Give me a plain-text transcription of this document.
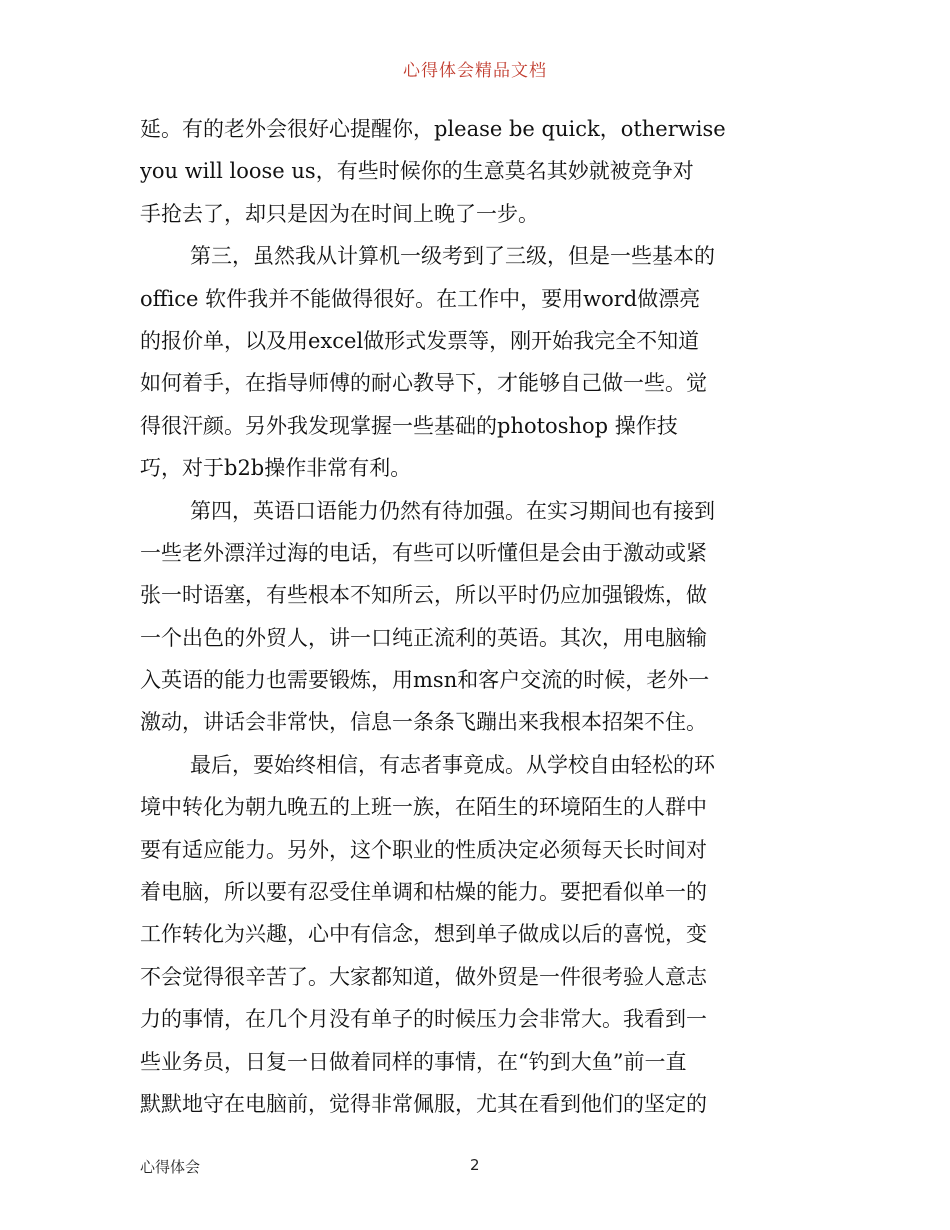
心得体会精品文档
延。有的老外会很好心提醒你，please be quick，otherwise
you will loose us，有些时候你的生意莫名其妙就被竞争对
手抢去了，却只是因为在时间上晚了一步。
第三，虽然我从计算机一级考到了三级，但是一些基本的
office 软件我并不能做得很好。在工作中，要用word做漂亮
的报价单，以及用excel做形式发票等，刚开始我完全不知道
如何着手，在指导师傅的耐心教导下，才能够自己做一些。觉
得很汗颜。另外我发现掌握一些基础的photoshop 操作技
巧，对于b2b操作非常有利。
第四，英语口语能力仍然有待加强。在实习期间也有接到
一些老外漂洋过海的电话，有些可以听懂但是会由于激动或紧
张一时语塞，有些根本不知所云，所以平时仍应加强锻炼，做
一个出色的外贸人，讲一口纯正流利的英语。其次，用电脑输
入英语的能力也需要锻炼，用msn和客户交流的时候，老外一
激动，讲话会非常快，信息一条条飞蹦出来我根本招架不住。
最后，要始终相信，有志者事竟成。从学校自由轻松的环
境中转化为朝九晚五的上班一族，在陌生的环境陌生的人群中
要有适应能力。另外，这个职业的性质决定必须每天长时间对
着电脑，所以要有忍受住单调和枯燥的能力。要把看似单一的
工作转化为兴趣，心中有信念，想到单子做成以后的喜悦，变
不会觉得很辛苦了。大家都知道，做外贸是一件很考验人意志
力的事情，在几个月没有单子的时候压力会非常大。我看到一
些业务员，日复一日做着同样的事情，在“钓到大鱼”前一直
默默地守在电脑前，觉得非常佩服，尤其在看到他们的坚定的
心得体会	2
